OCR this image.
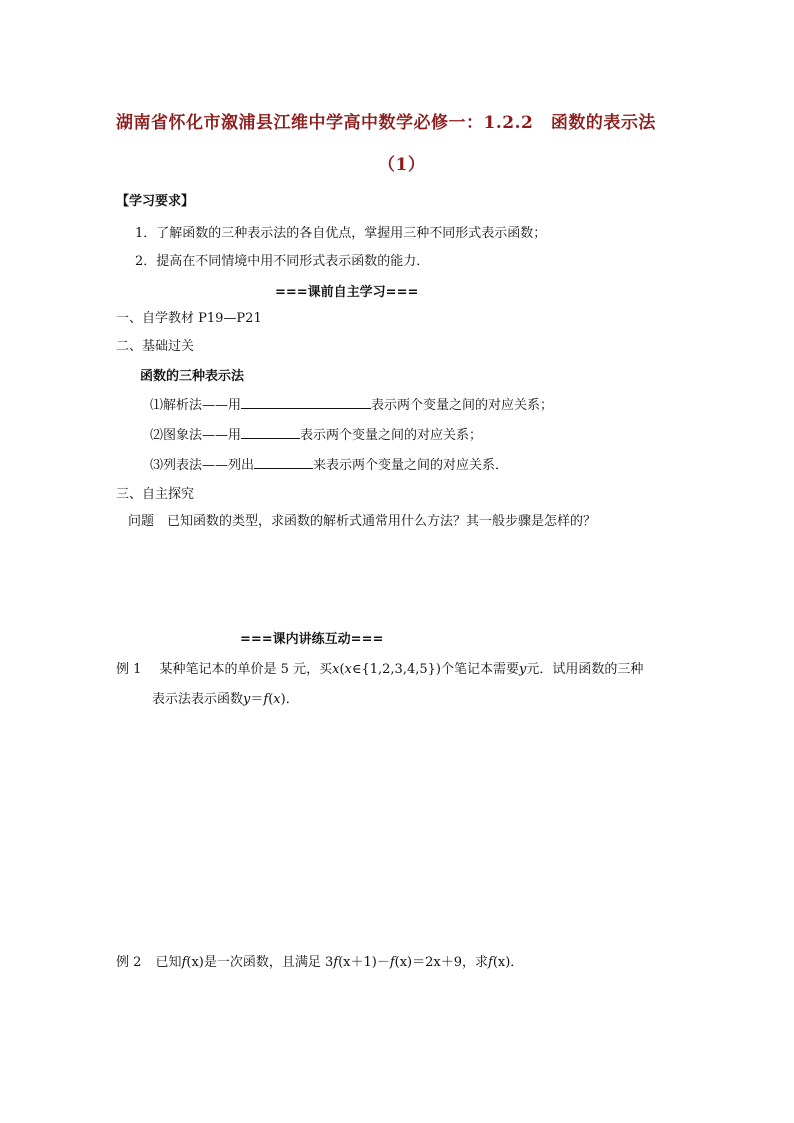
湖南省怀化市溆浦县江维中学高中数学必修一：1.2.2　函数的表示法
（1）
【学习要求】
1．了解函数的三种表示法的各自优点，掌握用三种不同形式表示函数；
2．提高在不同情境中用不同形式表示函数的能力．
===课前自主学习===
一、自学教材 P19—P21
二、基础过关
函数的三种表示法
⑴解析法——用	表示两个变量之间的对应关系；
⑵图象法——用	表示两个变量之间的对应关系；
⑶列表法——列出	来表示两个变量之间的对应关系．
三、自主探究
问题　已知函数的类型，求函数的解析式通常用什么方法？其一般步骤是怎样的？
===课内讲练互动===
例 1 某种笔记本的单价是 5 元，买x(x∈{1,2,3,4,5})个笔记本需要y元．试用函数的三种
表示法表示函数y＝f(x)．
例 2 已知f(x)是一次函数，且满足 3f(x＋1)－f(x)＝2x＋9，求f(x)．
